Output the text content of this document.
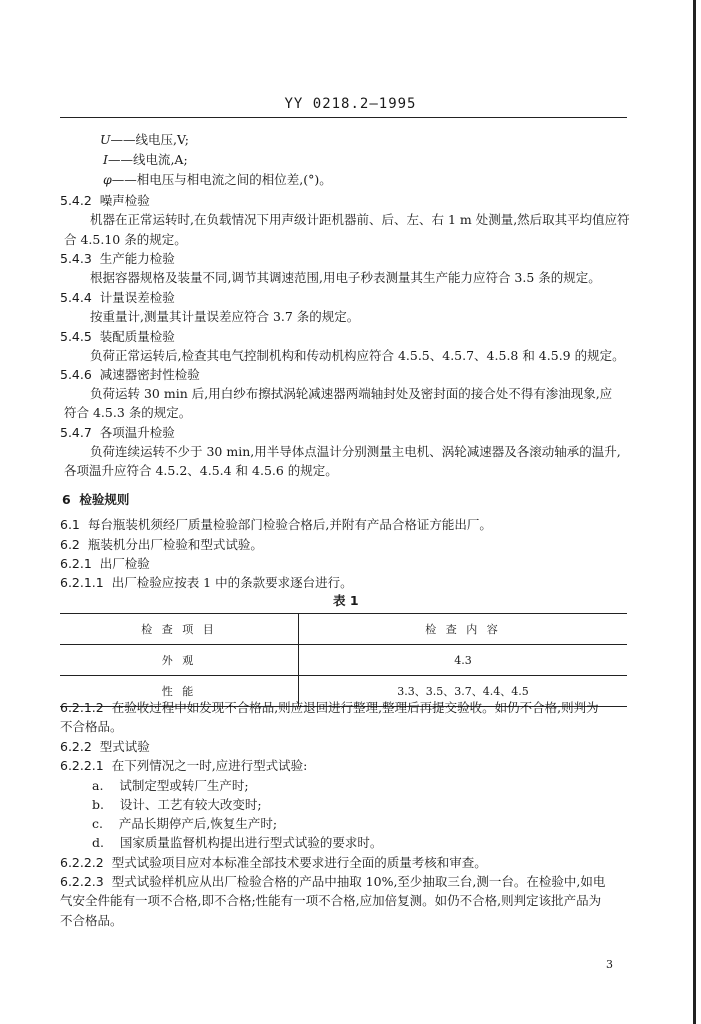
YY 0218.2—1995
U——线电压,V;
I——线电流,A;
φ——相电压与相电流之间的相位差,(°)。
5.4.2 噪声检验
机器在正常运转时,在负载情况下用声级计距机器前、后、左、右 1 m 处测量,然后取其平均值应符
合 4.5.10 条的规定。
5.4.3 生产能力检验
根据容器规格及装量不同,调节其调速范围,用电子秒表测量其生产能力应符合 3.5 条的规定。
5.4.4 计量误差检验
按重量计,测量其计量误差应符合 3.7 条的规定。
5.4.5 装配质量检验
负荷正常运转后,检查其电气控制机构和传动机构应符合 4.5.5、4.5.7、4.5.8 和 4.5.9 的规定。
5.4.6 减速器密封性检验
负荷运转 30 min 后,用白纱布擦拭涡轮减速器两端轴封处及密封面的接合处不得有渗油现象,应
符合 4.5.3 条的规定。
5.4.7 各项温升检验
负荷连续运转不少于 30 min,用半导体点温计分别测量主电机、涡轮减速器及各滚动轴承的温升,
各项温升应符合 4.5.2、4.5.4 和 4.5.6 的规定。
6 检验规则
6.1 每台瓶装机须经厂质量检验部门检验合格后,并附有产品合格证方能出厂。
6.2 瓶装机分出厂检验和型式试验。
6.2.1 出厂检验
6.2.1.1 出厂检验应按表 1 中的条款要求逐台进行。
表 1
检 查 项 目	检 查 内 容
外 观	4.3
性 能	3.3、3.5、3.7、4.4、4.5
6.2.1.2 在验收过程中如发现不合格品,则应退回进行整理,整理后再提交验收。如仍不合格,则判为
不合格品。
6.2.2 型式试验
6.2.2.1 在下列情况之一时,应进行型式试验:
a. 试制定型或转厂生产时;
b. 设计、工艺有较大改变时;
c. 产品长期停产后,恢复生产时;
d. 国家质量监督机构提出进行型式试验的要求时。
6.2.2.2 型式试验项目应对本标准全部技术要求进行全面的质量考核和审查。
6.2.2.3 型式试验样机应从出厂检验合格的产品中抽取 10%,至少抽取三台,测一台。在检验中,如电
气安全件能有一项不合格,即不合格;性能有一项不合格,应加倍复测。如仍不合格,则判定该批产品为
不合格品。
3
